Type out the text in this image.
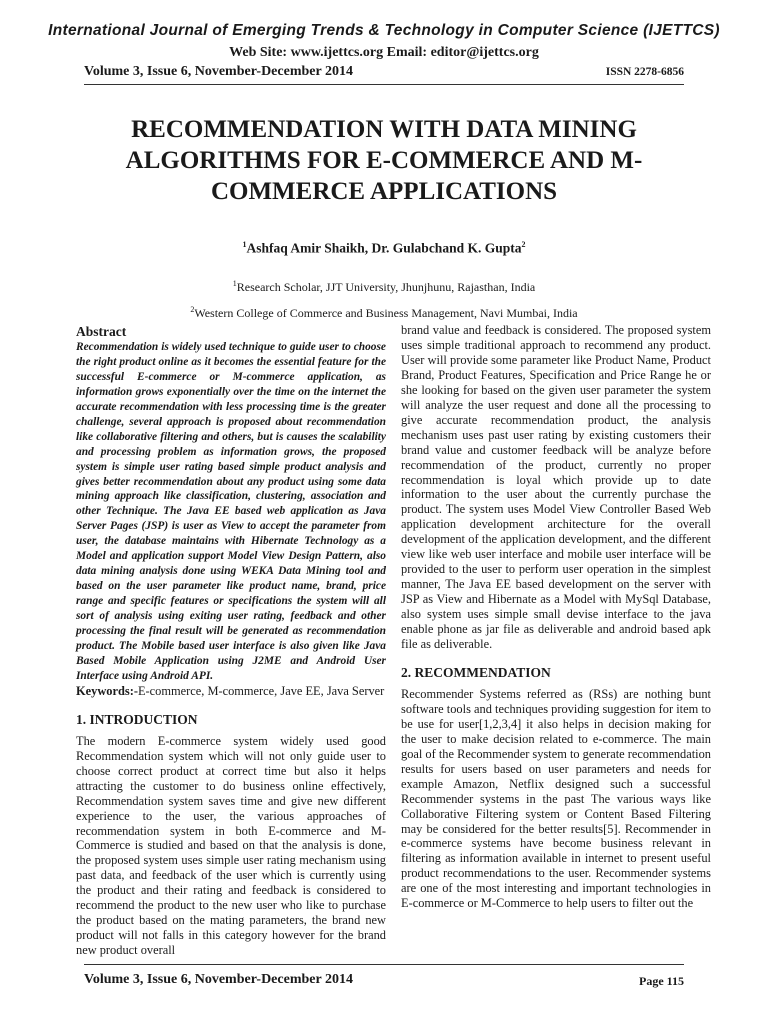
International Journal of Emerging Trends & Technology in Computer Science (IJETTCS)
Web Site: www.ijettcs.org Email: editor@ijettcs.org
Volume 3, Issue 6, November-December 2014	ISSN 2278-6856
RECOMMENDATION WITH DATA MINING
ALGORITHMS FOR E-COMMERCE AND M-
COMMERCE APPLICATIONS
$^1$Ashfaq Amir Shaikh, Dr. Gulabchand K. Gupta$^2$
$^1$Research Scholar, JJT University, Jhunjhunu, Rajasthan, India
$^2$Western College of Commerce and Business Management, Navi Mumbai, India
Abstract
Recommendation is widely used technique to guide user to choose the right product online as it becomes the essential feature for the successful E-commerce or M-commerce application, as information grows exponentially over the time on the internet the accurate recommendation with less processing time is the greater challenge, several approach is proposed about recommendation like collaborative filtering and others, but is causes the scalability and processing problem as information grows, the proposed system is simple user rating based simple product analysis and gives better recommendation about any product using some data mining approach like classification, clustering, association and other Technique. The Java EE based web application as Java Server Pages (JSP) is user as View to accept the parameter from user, the database maintains with Hibernate Technology as a Model and application support Model View Design Pattern, also data mining analysis done using WEKA Data Mining tool and based on the user parameter like product name, brand, price range and specific features or specifications the system will all sort of analysis using exiting user rating, feedback and other processing the final result will be generated as recommendation product. The Mobile based user interface is also given like Java Based Mobile Application using J2ME and Android User Interface using Android API.
Keywords:-E-commerce, M-commerce, Jave EE, Java Server
1. INTRODUCTION
The modern E-commerce system widely used good Recommendation system which will not only guide user to choose correct product at correct time but also it helps attracting the customer to do business online effectively, Recommendation system saves time and give new different experience to the user, the various approaches of recommendation system in both E-commerce and M-Commerce is studied and based on that the analysis is done, the proposed system uses simple user rating mechanism using past data, and feedback of the user which is currently using the product and their rating and feedback is considered to recommend the product to the new user who like to purchase the product based on the mating parameters, the brand new product will not falls in this category however for the brand new product overall
brand value and feedback is considered. The proposed system uses simple traditional approach to recommend any product. User will provide some parameter like Product Name, Product Brand, Product Features, Specification and Price Range he or she looking for based on the given user parameter the system will analyze the user request and done all the processing to give accurate recommendation product, the analysis mechanism uses past user rating by existing customers their brand value and customer feedback will be analyze before recommendation of the product, currently no proper recommendation is loyal which provide up to date information to the user about the currently purchase the product. The system uses Model View Controller Based Web application development architecture for the overall development of the application development, and the different view like web user interface and mobile user interface will be provided to the user to perform user operation in the simplest manner, The Java EE based development on the server with JSP as View and Hibernate as a Model with MySql Database, also system uses simple small devise interface to the java enable phone as jar file as deliverable and android based apk file as deliverable.
2. RECOMMENDATION
Recommender Systems referred as (RSs) are nothing bunt software tools and techniques providing suggestion for item to be use for user[1,2,3,4] it also helps in decision making for the user to make decision related to e-commerce. The main goal of the Recommender system to generate recommendation results for users based on user parameters and needs for example Amazon, Netflix designed such a successful Recommender systems in the past The various ways like Collaborative Filtering system or Content Based Filtering may be considered for the better results[5]. Recommender in e-commerce systems have become business relevant in filtering as information available in internet to present useful product recommendations to the user. Recommender systems are one of the most interesting and important technologies in E-commerce or M-Commerce to help users to filter out the
Volume 3, Issue 6, November-December 2014	Page 115
